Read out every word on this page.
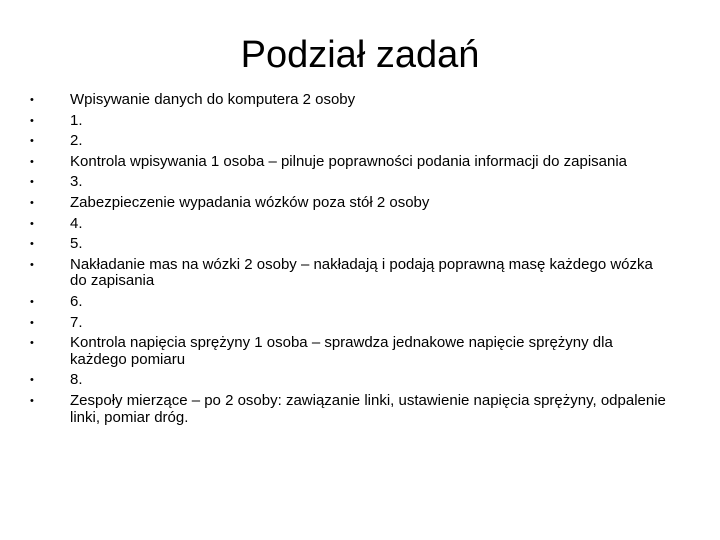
Podział zadań
• Wpisywanie danych do komputera 2 osoby
• 1.
• 2.
• Kontrola wpisywania 1 osoba – pilnuje poprawności podania informacji do zapisania
• 3.
• Zabezpieczenie wypadania wózków poza stół 2 osoby
• 4.
• 5.
• Nakładanie mas na wózki 2 osoby – nakładają i podają poprawną masę każdego wózka do zapisania
• 6.
• 7.
• Kontrola napięcia sprężyny 1 osoba – sprawdza jednakowe napięcie sprężyny dla każdego pomiaru
• 8.
• Zespoły mierzące – po 2 osoby: zawiązanie linki, ustawienie napięcia sprężyny, odpalenie linki, pomiar dróg.
